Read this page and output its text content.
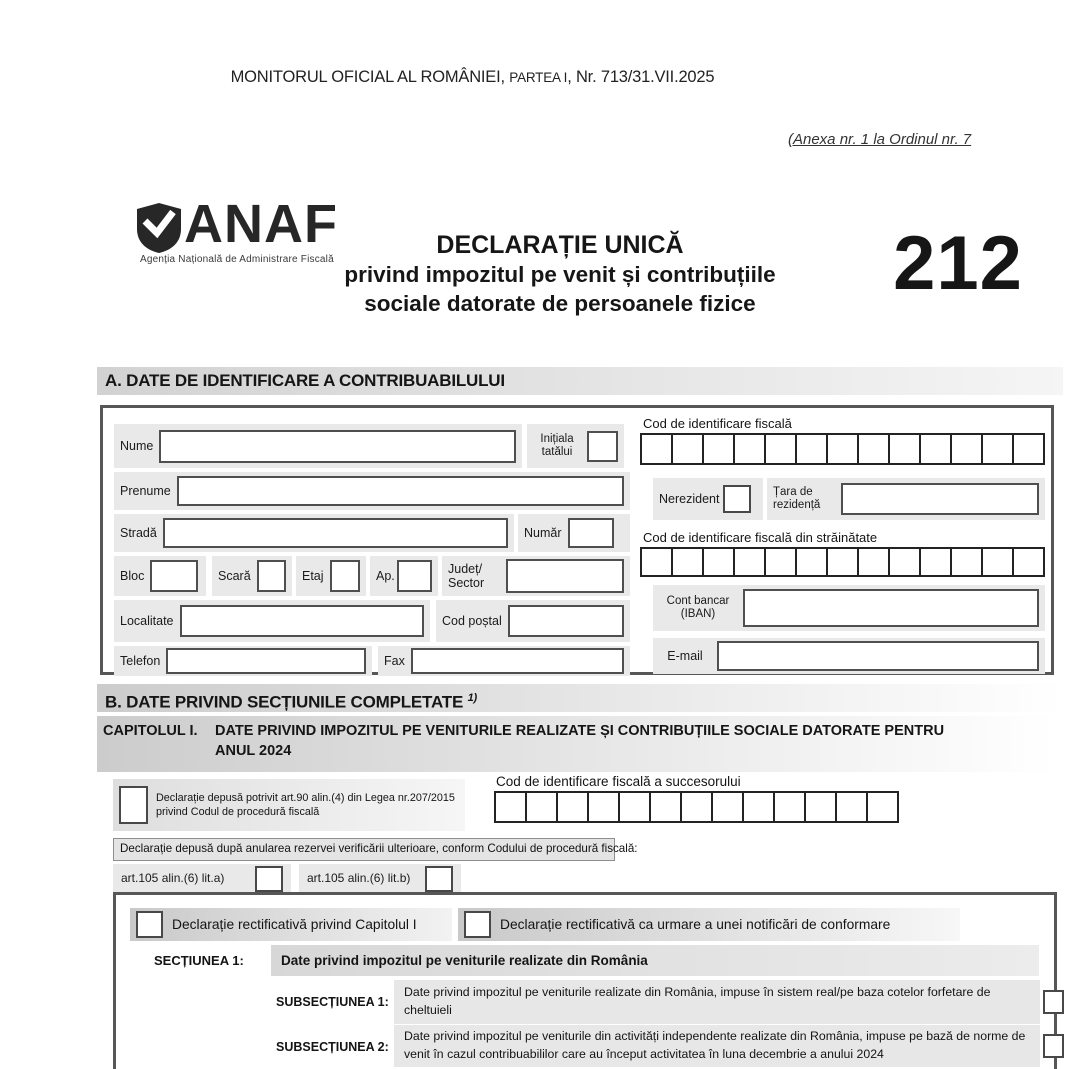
MONITORUL OFICIAL AL ROMÂNIEI, PARTEA I, Nr. 713/31.VII.2025
(Anexa nr. 1 la Ordinul nr. 7
ANAF
Agenția Națională de Administrare Fiscală
DECLARAȚIE UNICĂ
privind impozitul pe venit și contribuțiile
sociale datorate de persoanele fizice	212
A. DATE DE IDENTIFICARE A CONTRIBUABILULUI
Nume	Inițiala tatălui
Prenume
Stradă	Număr
Bloc	Scară	Etaj	Ap.	Județ/ Sector
Localitate	Cod poștal
Telefon	Fax
Cod de identificare fiscală
Nerezident	Țara de rezidență
Cod de identificare fiscală din străinătate
Cont bancar (IBAN)
E-mail
B. DATE PRIVIND SECȚIUNILE COMPLETATE $^{1)}$
CAPITOLUL I.	DATE PRIVIND IMPOZITUL PE VENITURILE REALIZATE ȘI CONTRIBUȚIILE SOCIALE DATORATE PENTRU
ANUL 2024
Declarație depusă potrivit art.90 alin.(4) din Legea nr.207/2015 privind Codul de procedură fiscală
Cod de identificare fiscală a succesorului
Declarație depusă după anularea rezervei verificării ulterioare, conform Codului de procedură fiscală:
art.105 alin.(6) lit.a)	art.105 alin.(6) lit.b)
Declarație rectificativă privind Capitolul I	Declarație rectificativă ca urmare a unei notificări de conformare
SECȚIUNEA 1:	Date privind impozitul pe veniturile realizate din România
SUBSECȚIUNEA 1:
Date privind impozitul pe veniturile realizate din România, impuse în sistem real/pe baza cotelor forfetare de cheltuieli
SUBSECȚIUNEA 2:
Date privind impozitul pe veniturile din activități independente realizate din România, impuse pe bază de norme de venit în cazul contribuabililor care au început activitatea în luna decembrie a anului 2024
